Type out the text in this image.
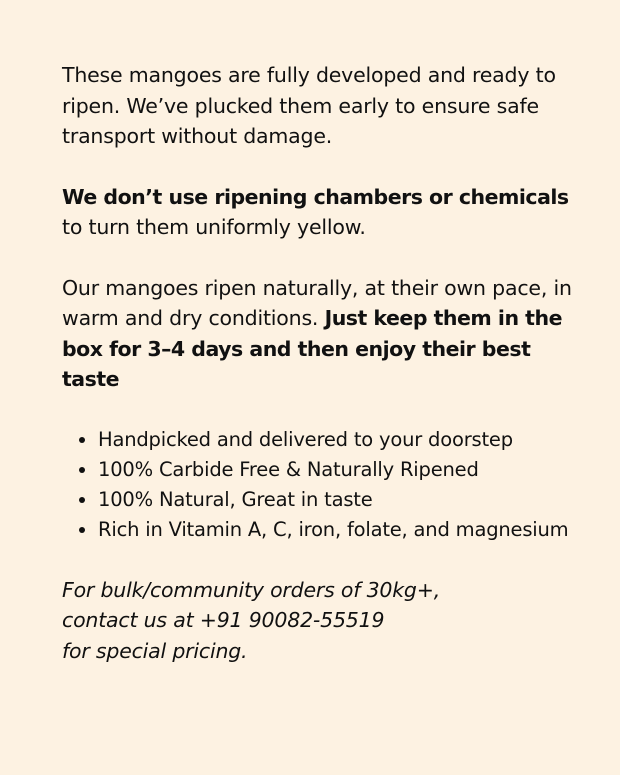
These mangoes are fully developed and ready to ripen. We’ve plucked them early to ensure safe transport without damage.

We don’t use ripening chambers or chemicals to turn them uniformly yellow.

Our mangoes ripen naturally, at their own pace, in warm and dry conditions. Just keep them in the box for 3–4 days and then enjoy their best taste

Handpicked and delivered to your doorstep
100% Carbide Free & Naturally Ripened
100% Natural, Great in taste
Rich in Vitamin A, C, iron, folate, and magnesium

For bulk/community orders of 30kg+,
contact us at +91 90082-55519
for special pricing.
